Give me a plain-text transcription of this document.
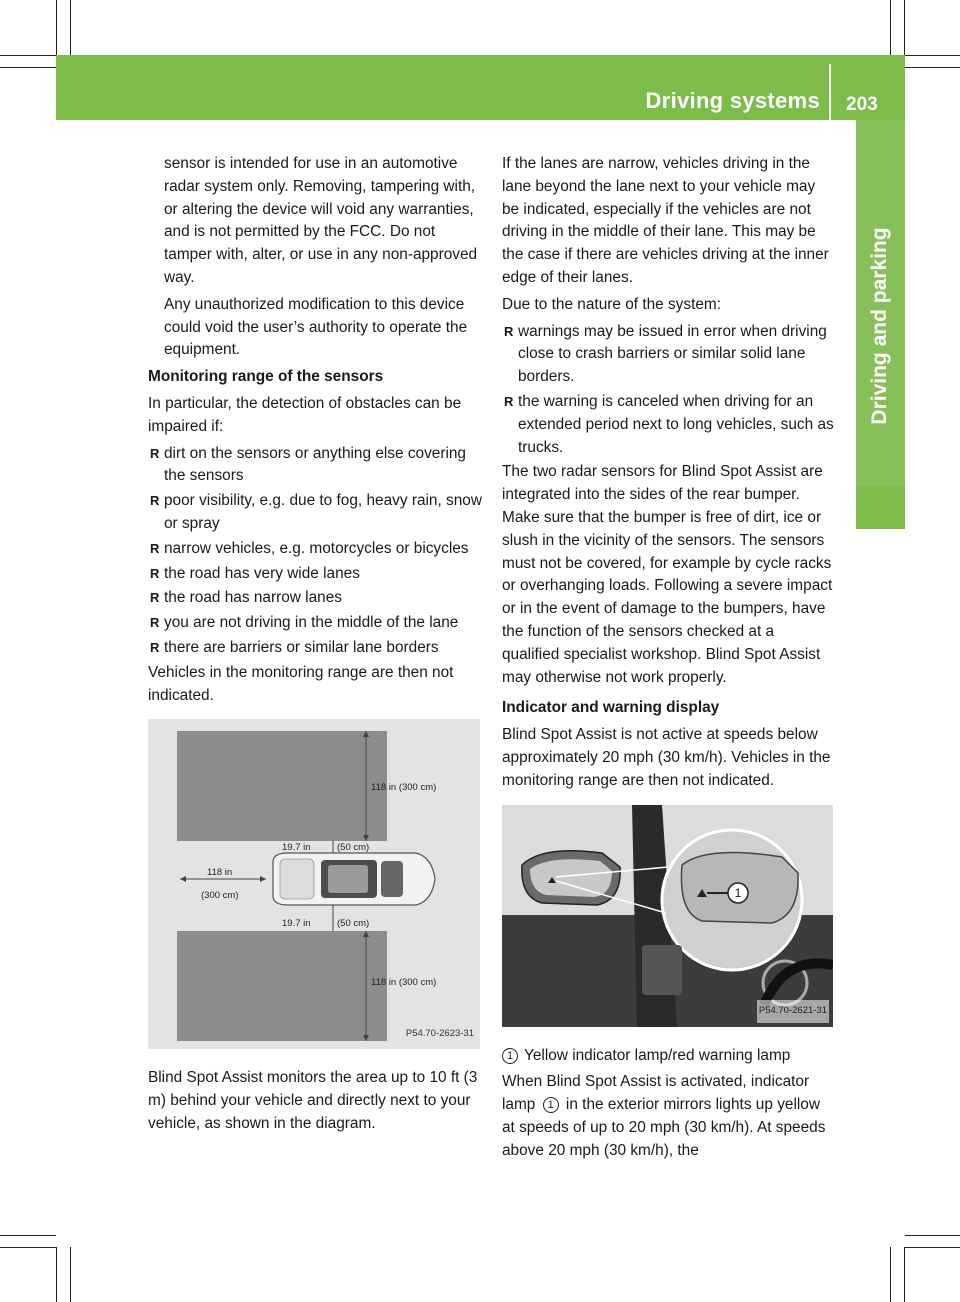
Driving systems 203
Driving and parking

sensor is intended for use in an automotive radar system only. Removing, tampering with, or altering the device will void any warranties, and is not permitted by the FCC. Do not tamper with, alter, or use in any non-approved way.

Any unauthorized modification to this device could void the user’s authority to operate the equipment.

Monitoring range of the sensors

In particular, the detection of obstacles can be impaired if:

R dirt on the sensors or anything else covering the sensors
R poor visibility, e.g. due to fog, heavy rain, snow or spray
R narrow vehicles, e.g. motorcycles or bicycles
R the road has very wide lanes
R the road has narrow lanes
R you are not driving in the middle of the lane
R there are barriers or similar lane borders

Vehicles in the monitoring range are then not indicated.

118 in (300 cm)
19.7 in	(50 cm)
118 in
(300 cm)
19.7 in	(50 cm)
118 in (300 cm)
P54.70-2623-31

Blind Spot Assist monitors the area up to 10 ft (3 m) behind your vehicle and directly next to your vehicle, as shown in the diagram.

If the lanes are narrow, vehicles driving in the lane beyond the lane next to your vehicle may be indicated, especially if the vehicles are not driving in the middle of their lane. This may be the case if there are vehicles driving at the inner edge of their lanes.

Due to the nature of the system:

R warnings may be issued in error when driving close to crash barriers or similar solid lane borders.
R the warning is canceled when driving for an extended period next to long vehicles, such as trucks.

The two radar sensors for Blind Spot Assist are integrated into the sides of the rear bumper. Make sure that the bumper is free of dirt, ice or slush in the vicinity of the sensors. The sensors must not be covered, for example by cycle racks or overhanging loads. Following a severe impact or in the event of damage to the bumpers, have the function of the sensors checked at a qualified specialist workshop. Blind Spot Assist may otherwise not work properly.

Indicator and warning display

Blind Spot Assist is not active at speeds below approximately 20 mph (30 km/h). Vehicles in the monitoring range are then not indicated.

1
P54.70-2621-31

1 Yellow indicator lamp/red warning lamp

When Blind Spot Assist is activated, indicator lamp 1 in the exterior mirrors lights up yellow at speeds of up to 20 mph (30 km/h). At speeds above 20 mph (30 km/h), the
